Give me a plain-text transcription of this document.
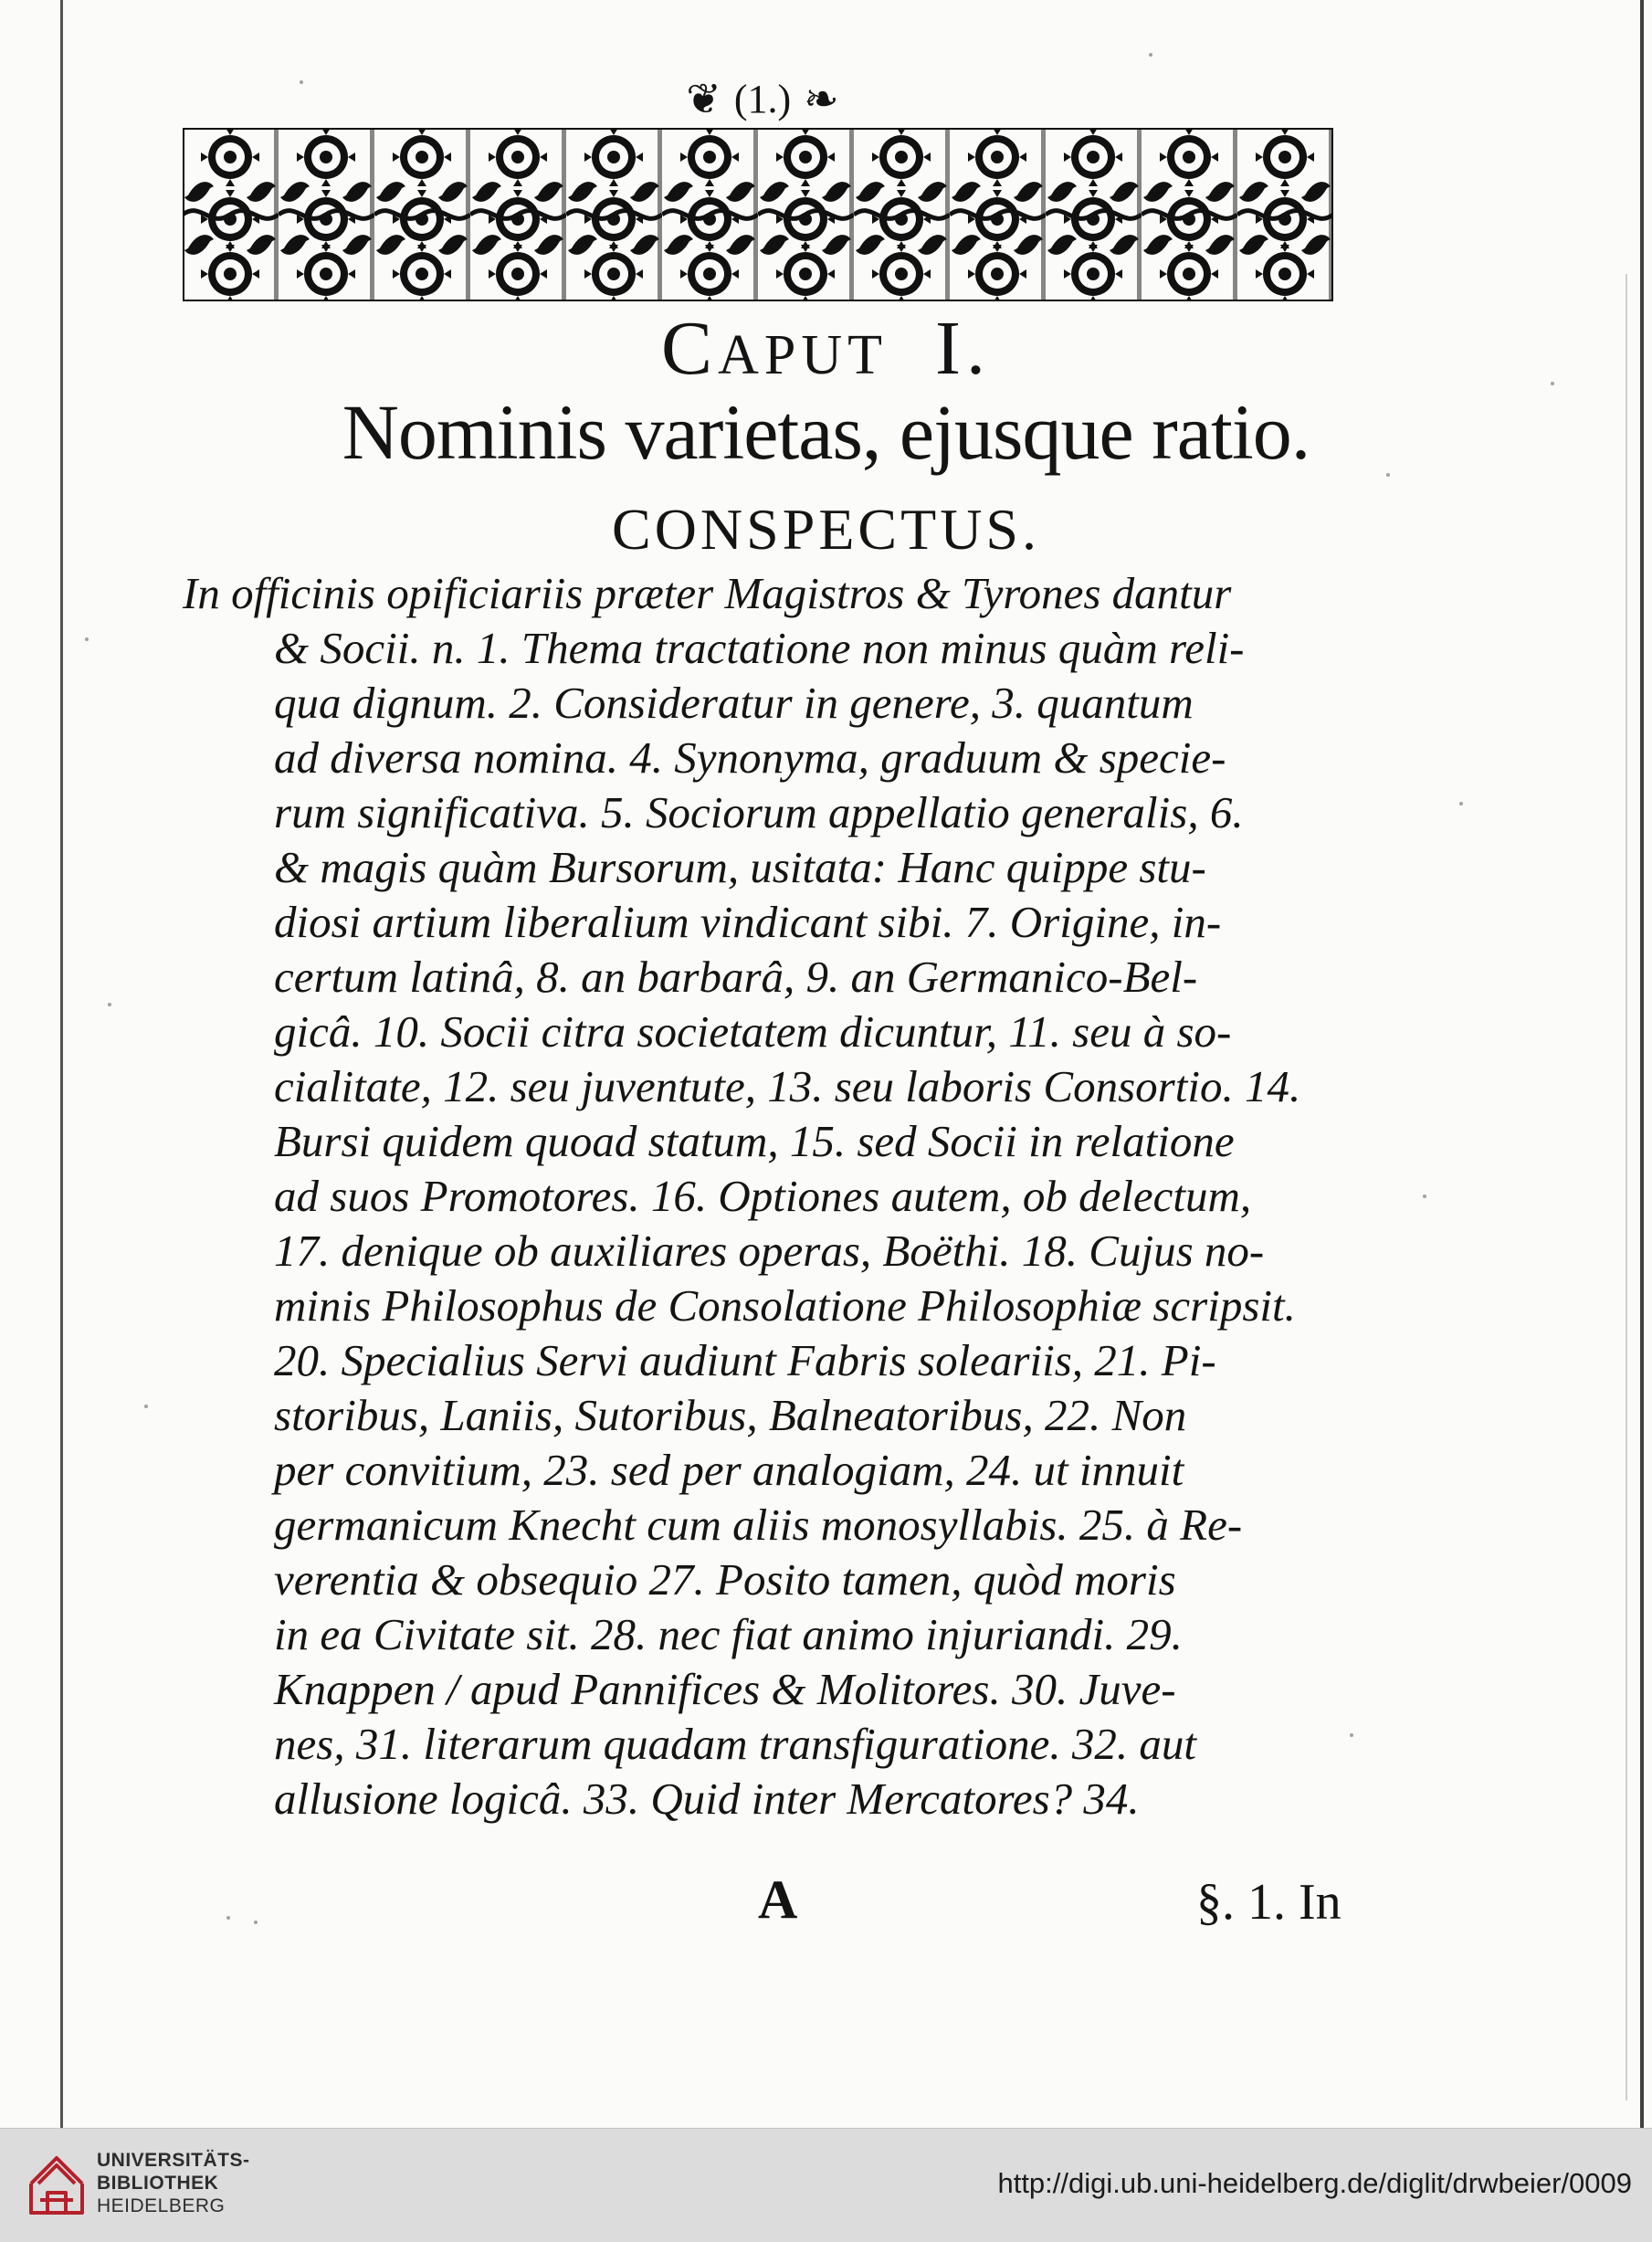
❦ (1.) ❧
CAPUT I.
Nominis varietas, ejusque ratio.
CONSPECTUS.
In officinis opificiariis præter Magistros & Tyrones dantur
& Socii. n. 1. Thema tractatione non minus quàm reli-
qua dignum. 2. Consideratur in genere, 3. quantum
ad diversa nomina. 4. Synonyma, graduum & specie-
rum significativa. 5. Sociorum appellatio generalis, 6.
& magis quàm Bursorum, usitata: Hanc quippe stu-
diosi artium liberalium vindicant sibi. 7. Origine, in-
certum latinâ, 8. an barbarâ, 9. an Germanico-Bel-
gicâ. 10. Socii citra societatem dicuntur, 11. seu à so-
cialitate, 12. seu juventute, 13. seu laboris Consortio. 14.
Bursi quidem quoad statum, 15. sed Socii in relatione
ad suos Promotores. 16. Optiones autem, ob delectum,
17. denique ob auxiliares operas, Boëthi. 18. Cujus no-
minis Philosophus de Consolatione Philosophiæ scripsit.
20. Specialius Servi audiunt Fabris soleariis, 21. Pi-
storibus, Laniis, Sutoribus, Balneatoribus, 22. Non
per convitium, 23. sed per analogiam, 24. ut innuit
germanicum Knecht cum aliis monosyllabis. 25. à Re-
verentia & obsequio 27. Posito tamen, quòd moris
in ea Civitate sit. 28. nec fiat animo injuriandi. 29.
Knappen / apud Pannifices & Molitores. 30. Juve-
nes, 31. literarum quadam transfiguratione. 32. aut
allusione logicâ. 33. Quid inter Mercatores? 34.
A	§. 1. In
UNIVERSITÄTS-
BIBLIOTHEK
HEIDELBERG
http://digi.ub.uni-heidelberg.de/diglit/drwbeier/0009
